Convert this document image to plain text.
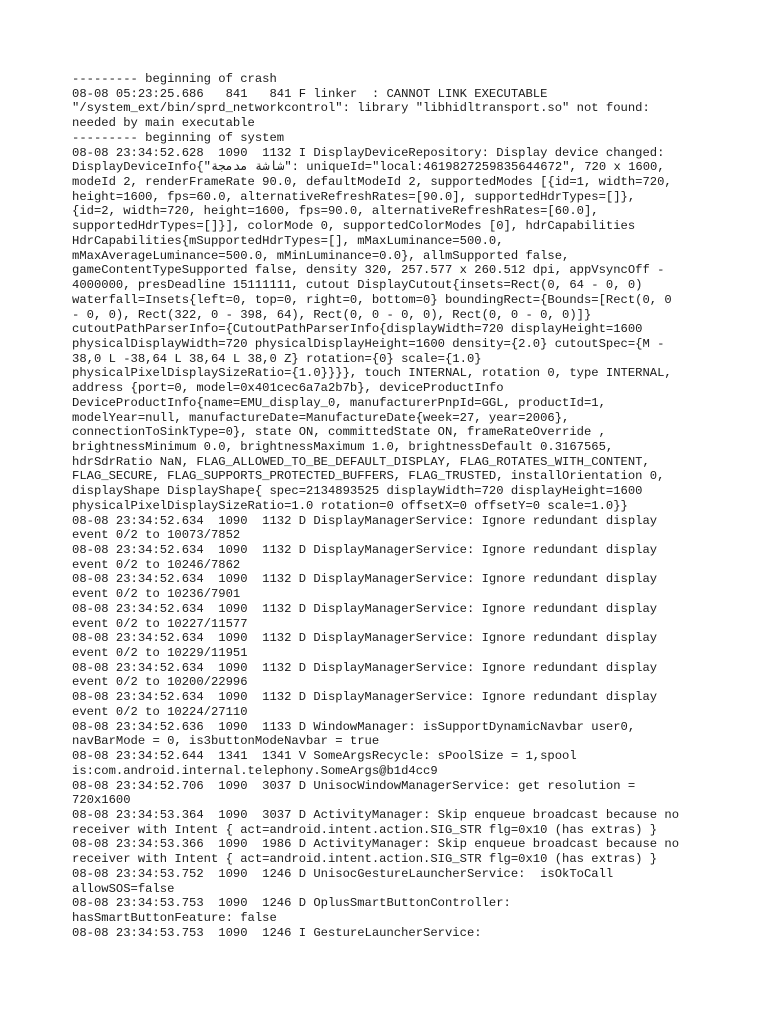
--------- beginning of crash
08-08 05:23:25.686   841   841 F linker  : CANNOT LINK EXECUTABLE
"/system_ext/bin/sprd_networkcontrol": library "libhidltransport.so" not found:
needed by main executable
--------- beginning of system
08-08 23:34:52.628  1090  1132 I DisplayDeviceRepository: Display device changed:
DisplayDeviceInfo{"شاشة مدمجة": uniqueId="local:4619827259835644672", 720 x 1600,
modeId 2, renderFrameRate 90.0, defaultModeId 2, supportedModes [{id=1, width=720,
height=1600, fps=60.0, alternativeRefreshRates=[90.0], supportedHdrTypes=[]},
{id=2, width=720, height=1600, fps=90.0, alternativeRefreshRates=[60.0],
supportedHdrTypes=[]}], colorMode 0, supportedColorModes [0], hdrCapabilities
HdrCapabilities{mSupportedHdrTypes=[], mMaxLuminance=500.0,
mMaxAverageLuminance=500.0, mMinLuminance=0.0}, allmSupported false,
gameContentTypeSupported false, density 320, 257.577 x 260.512 dpi, appVsyncOff -
4000000, presDeadline 15111111, cutout DisplayCutout{insets=Rect(0, 64 - 0, 0)
waterfall=Insets{left=0, top=0, right=0, bottom=0} boundingRect={Bounds=[Rect(0, 0
- 0, 0), Rect(322, 0 - 398, 64), Rect(0, 0 - 0, 0), Rect(0, 0 - 0, 0)]}
cutoutPathParserInfo={CutoutPathParserInfo{displayWidth=720 displayHeight=1600
physicalDisplayWidth=720 physicalDisplayHeight=1600 density={2.0} cutoutSpec={M -
38,0 L -38,64 L 38,64 L 38,0 Z} rotation={0} scale={1.0}
physicalPixelDisplaySizeRatio={1.0}}}}, touch INTERNAL, rotation 0, type INTERNAL,
address {port=0, model=0x401cec6a7a2b7b}, deviceProductInfo
DeviceProductInfo{name=EMU_display_0, manufacturerPnpId=GGL, productId=1,
modelYear=null, manufactureDate=ManufactureDate{week=27, year=2006},
connectionToSinkType=0}, state ON, committedState ON, frameRateOverride ,
brightnessMinimum 0.0, brightnessMaximum 1.0, brightnessDefault 0.3167565,
hdrSdrRatio NaN, FLAG_ALLOWED_TO_BE_DEFAULT_DISPLAY, FLAG_ROTATES_WITH_CONTENT,
FLAG_SECURE, FLAG_SUPPORTS_PROTECTED_BUFFERS, FLAG_TRUSTED, installOrientation 0,
displayShape DisplayShape{ spec=2134893525 displayWidth=720 displayHeight=1600
physicalPixelDisplaySizeRatio=1.0 rotation=0 offsetX=0 offsetY=0 scale=1.0}}
08-08 23:34:52.634  1090  1132 D DisplayManagerService: Ignore redundant display
event 0/2 to 10073/7852
08-08 23:34:52.634  1090  1132 D DisplayManagerService: Ignore redundant display
event 0/2 to 10246/7862
08-08 23:34:52.634  1090  1132 D DisplayManagerService: Ignore redundant display
event 0/2 to 10236/7901
08-08 23:34:52.634  1090  1132 D DisplayManagerService: Ignore redundant display
event 0/2 to 10227/11577
08-08 23:34:52.634  1090  1132 D DisplayManagerService: Ignore redundant display
event 0/2 to 10229/11951
08-08 23:34:52.634  1090  1132 D DisplayManagerService: Ignore redundant display
event 0/2 to 10200/22996
08-08 23:34:52.634  1090  1132 D DisplayManagerService: Ignore redundant display
event 0/2 to 10224/27110
08-08 23:34:52.636  1090  1133 D WindowManager: isSupportDynamicNavbar user0,
navBarMode = 0, is3buttonModeNavbar = true
08-08 23:34:52.644  1341  1341 V SomeArgsRecycle: sPoolSize = 1,spool
is:com.android.internal.telephony.SomeArgs@b1d4cc9
08-08 23:34:52.706  1090  3037 D UnisocWindowManagerService: get resolution =
720x1600
08-08 23:34:53.364  1090  3037 D ActivityManager: Skip enqueue broadcast because no
receiver with Intent { act=android.intent.action.SIG_STR flg=0x10 (has extras) }
08-08 23:34:53.366  1090  1986 D ActivityManager: Skip enqueue broadcast because no
receiver with Intent { act=android.intent.action.SIG_STR flg=0x10 (has extras) }
08-08 23:34:53.752  1090  1246 D UnisocGestureLauncherService:  isOkToCall
allowSOS=false
08-08 23:34:53.753  1090  1246 D OplusSmartButtonController:
hasSmartButtonFeature: false
08-08 23:34:53.753  1090  1246 I GestureLauncherService:
